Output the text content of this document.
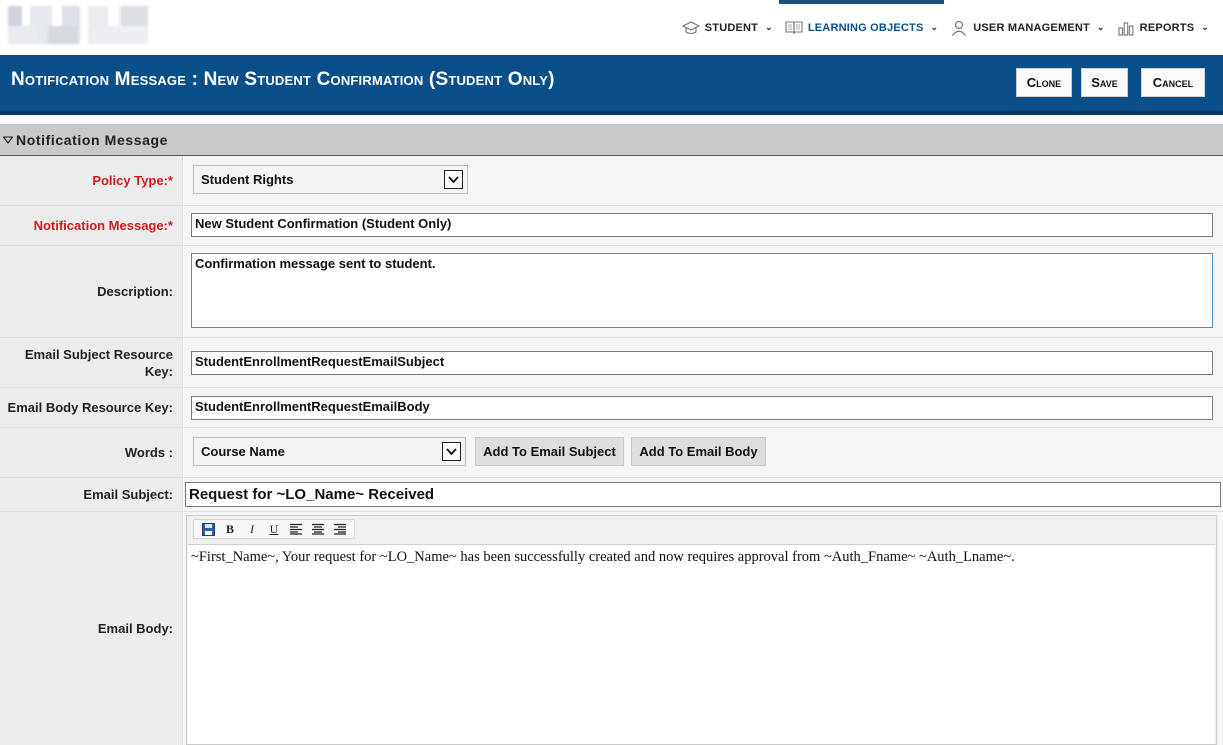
STUDENT ⌄	LEARNING OBJECTS ⌄	USER MANAGEMENT ⌄	REPORTS ⌄
Notification Message : New Student Confirmation (Student Only)	Clone	Save	Cancel
Notification Message
Policy Type:*	Student Rights
Notification Message:*	New Student Confirmation (Student Only)
Description:
Confirmation message sent to student.
Email Subject Resource Key:
StudentEnrollmentRequestEmailSubject
Email Body Resource Key:	StudentEnrollmentRequestEmailBody
Words :	Course Name	Add To Email Subject	Add To Email Body
Email Subject:	Request for ~LO_Name~ Received
Email Body:
B	I	U
~First_Name~, Your request for ~LO_Name~ has been successfully created and now requires approval from ~Auth_Fname~ ~Auth_Lname~.
